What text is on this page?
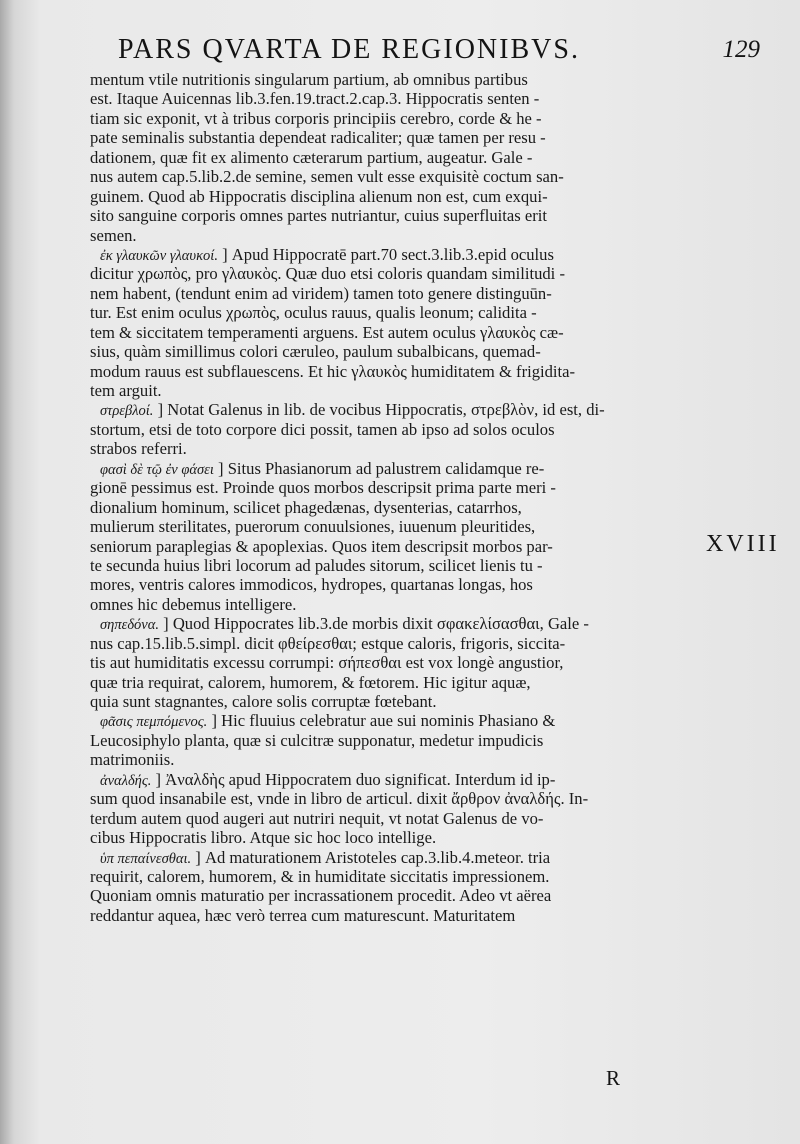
PARS QVARTA DE REGIONIBVS.	129
mentum vtile nutritionis singularum partium, ab omnibus partibus
est. Itaque Auicennas lib.3.fen.19.tract.2.cap.3. Hippocratis senten -
tiam sic exponit, vt à tribus corporis principiis cerebro, corde & he -
pate seminalis substantia dependeat radicaliter; quæ tamen per resu -
dationem, quæ fit ex alimento cæterarum partium, augeatur. Gale -
nus autem cap.5.lib.2.de semine, semen vult esse exquisitè coctum san-
guinem. Quod ab Hippocratis disciplina alienum non est, cum exqui-
sito sanguine corporis omnes partes nutriantur, cuius superfluitas erit
semen.
ἐκ γλαυκῶν γλαυκοί. ] Apud Hippocratē part.70 sect.3.lib.3.epid oculus
dicitur χρωπὸς, pro γλαυκὸς. Quæ duo etsi coloris quandam similitudi -
nem habent, (tendunt enim ad viridem) tamen toto genere distinguūn-
tur. Est enim oculus χρωπὸς, oculus rauus, qualis leonum; calidita -
tem & siccitatem temperamenti arguens. Est autem oculus γλαυκὸς cæ-
sius, quàm simillimus colori cæruleo, paulum subalbicans, quemad-
modum rauus est subflauescens. Et hic γλαυκὸς humiditatem & frigidita-
tem arguit.
στρεβλοί. ] Notat Galenus in lib. de vocibus Hippocratis, στρεβλὸν, id est, di-
stortum, etsi de toto corpore dici possit, tamen ab ipso ad solos oculos
strabos referri.
φασὶ δὲ τῷ ἐν φάσει ] Situs Phasianorum ad palustrem calidamque re-
gionē pessimus est. Proinde quos morbos descripsit prima parte meri -
dionalium hominum, scilicet phagedænas, dysenterias, catarrhos,
mulierum sterilitates, puerorum conuulsiones, iuuenum pleuritides,
seniorum paraplegias & apoplexias. Quos item descripsit morbos par-
te secunda huius libri locorum ad paludes sitorum, scilicet lienis tu -
mores, ventris calores immodicos, hydropes, quartanas longas, hos
omnes hic debemus intelligere.
σηπεδόνα. ] Quod Hippocrates lib.3.de morbis dixit σφακελίσασθαι, Gale -
nus cap.15.lib.5.simpl. dicit φθείρεσθαι; estque caloris, frigoris, siccita-
tis aut humiditatis excessu corrumpi: σήπεσθαι est vox longè angustior,
quæ tria requirat, calorem, humorem, & fœtorem. Hic igitur aquæ,
quia sunt stagnantes, calore solis corruptæ fœtebant.
φᾶσις πεμπόμενος. ] Hic fluuius celebratur aue sui nominis Phasiano &
Leucosiphylo planta, quæ si culcitræ supponatur, medetur impudicis
matrimoniis.
ἀναλδής. ] Ἀναλδὴς apud Hippocratem duo significat. Interdum id ip-
sum quod insanabile est, vnde in libro de articul. dixit ἄρθρον ἀναλδής. In-
terdum autem quod augeri aut nutriri nequit, vt notat Galenus de vo-
cibus Hippocratis libro. Atque sic hoc loco intellige.
ὑπ πεπαίνεσθαι. ] Ad maturationem Aristoteles cap.3.lib.4.meteor. tria
requirit, calorem, humorem, & in humiditate siccitatis impressionem.
Quoniam omnis maturatio per incrassationem procedit. Adeo vt aërea
reddantur aquea, hæc verò terrea cum maturescunt. Maturitatem
XVIII
R
